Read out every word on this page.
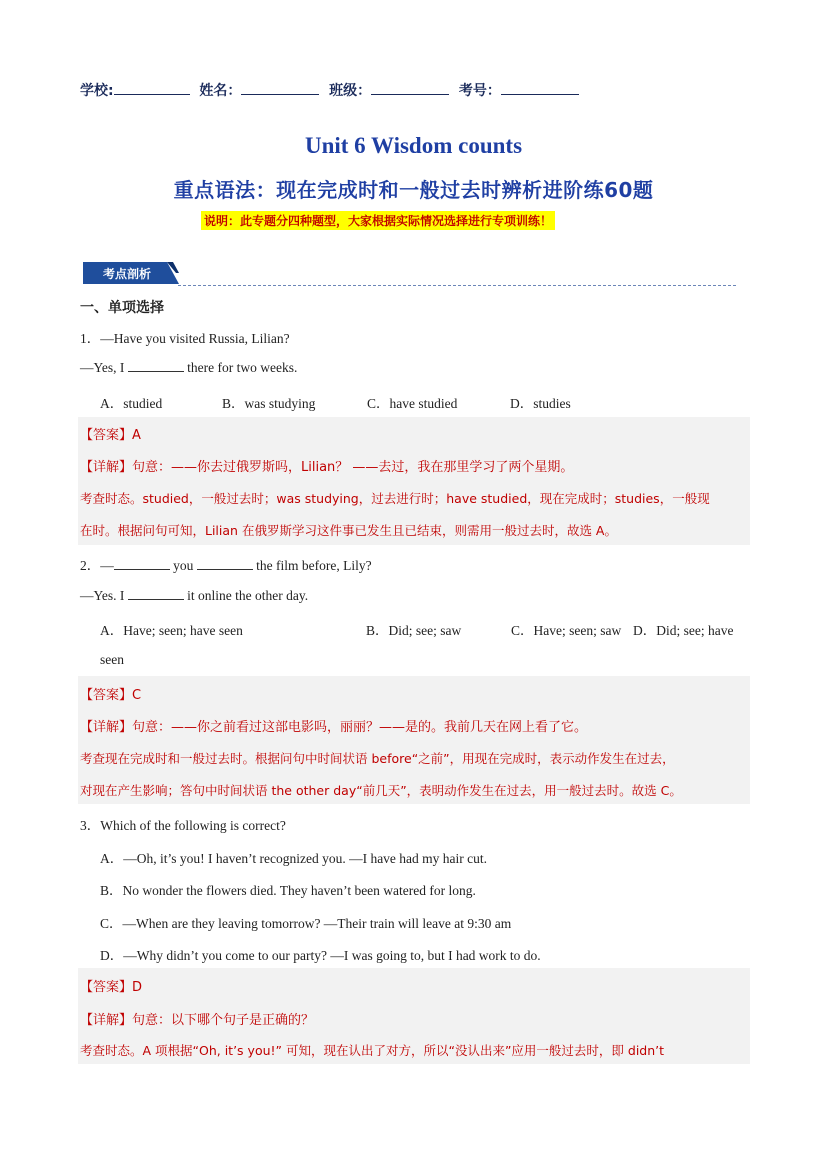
学校:	姓名：	班级：	考号：
Unit 6 Wisdom counts
重点语法：现在完成时和一般过去时辨析进阶练60题
说明：此专题分四种题型，大家根据实际情况选择进行专项训练！
考点剖析
一、单项选择
1．—Have you visited Russia, Lilian?
—Yes, I	there for two weeks.
A．studied	B．was studying	C．have studied	D．studies
【答案】A
【详解】句意：——你去过俄罗斯吗，Lilian？ ——去过，我在那里学习了两个星期。
考查时态。studied，一般过去时；was studying，过去进行时；have studied，现在完成时；studies，一般现
在时。根据问句可知，Lilian 在俄罗斯学习这件事已发生且已结束，则需用一般过去时，故选 A。
2．—	you	the film before, Lily?
—Yes. I	it online the other day.
A．Have; seen; have seen	B．Did; see; saw	C．Have; seen; saw D．Did; see; have
seen
【答案】C
【详解】句意：——你之前看过这部电影吗，丽丽？——是的。我前几天在网上看了它。
考查现在完成时和一般过去时。根据问句中时间状语 before“之前”，用现在完成时，表示动作发生在过去，
对现在产生影响；答句中时间状语 the other day“前几天”，表明动作发生在过去，用一般过去时。故选 C。
3．Which of the following is correct?
A．—Oh, it’s you! I haven’t recognized you. —I have had my hair cut.
B．No wonder the flowers died. They haven’t been watered for long.
C．—When are they leaving tomorrow? —Their train will leave at 9:30 am
D．—Why didn’t you come to our party? —I was going to, but I had work to do.
【答案】D
【详解】句意：以下哪个句子是正确的？
考查时态。A 项根据“Oh, it’s you!” 可知，现在认出了对方，所以“没认出来”应用一般过去时，即 didn’t
